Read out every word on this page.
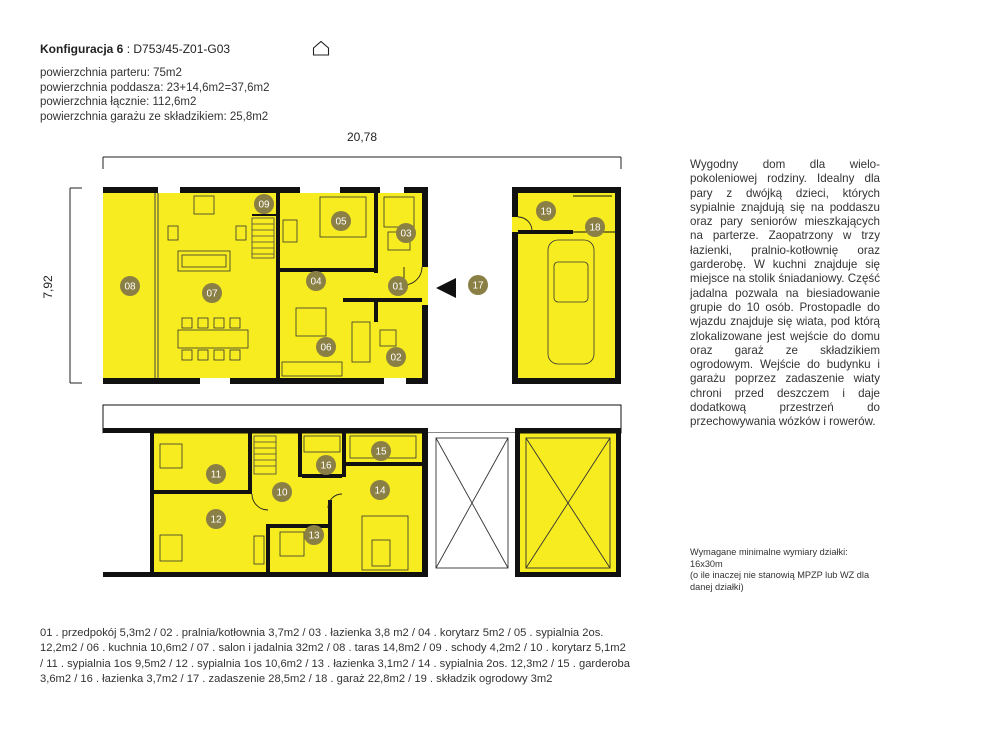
Konfiguracja 6 : D753/45-Z01-G03
powierzchnia parteru: 75m2
powierzchnia poddasza: 23+14,6m2=37,6m2
powierzchnia łącznie: 112,6m2
powierzchnia garażu ze składzikiem: 25,8m2
20,78
7,92	01
02
03
04
05
06
07
08
09
17
18
19
10
11
12
13
14
15
16
Wygodny dom dla wielo-pokoleniowej rodziny. Idealny dla pary z dwójką dzieci, których sypialnie znajdują się na poddaszu oraz pary seniorów mieszkających na parterze. Zaopatrzony w trzy łazienki, pralnio-kotłownię oraz garderobę. W kuchni znajduje się miejsce na stolik śniadaniowy. Część jadalna pozwala na biesiadowanie grupie do 10 osób. Prostopadle do wjazdu znajduje się wiata, pod którą zlokalizowane jest wejście do domu oraz garaż ze składzikiem ogrodowym. Wejście do budynku i garażu poprzez zadaszenie wiaty chroni przed deszczem i daje dodatkową przestrzeń do przechowywania wózków i rowerów.
Wymagane minimalne wymiary działki: 16x30m
(o ile inaczej nie stanowią MPZP lub WZ dla danej działki)
01 . przedpokój 5,3m2 / 02 . pralnia/kotłownia 3,7m2 / 03 . łazienka 3,8 m2 / 04 . korytarz 5m2 / 05 . sypialnia 2os. 12,2m2 / 06 . kuchnia 10,6m2 / 07 . salon i jadalnia 32m2 / 08 . taras 14,8m2 / 09 . schody 4,2m2 / 10 . korytarz 5,1m2 / 11 . sypialnia 1os 9,5m2 / 12 . sypialnia 1os 10,6m2 / 13 . łazienka 3,1m2 / 14 . sypialnia 2os. 12,3m2 / 15 . garderoba 3,6m2 / 16 . łazienka 3,7m2 / 17 . zadaszenie 28,5m2 / 18 . garaż 22,8m2 / 19 . składzik ogrodowy 3m2
